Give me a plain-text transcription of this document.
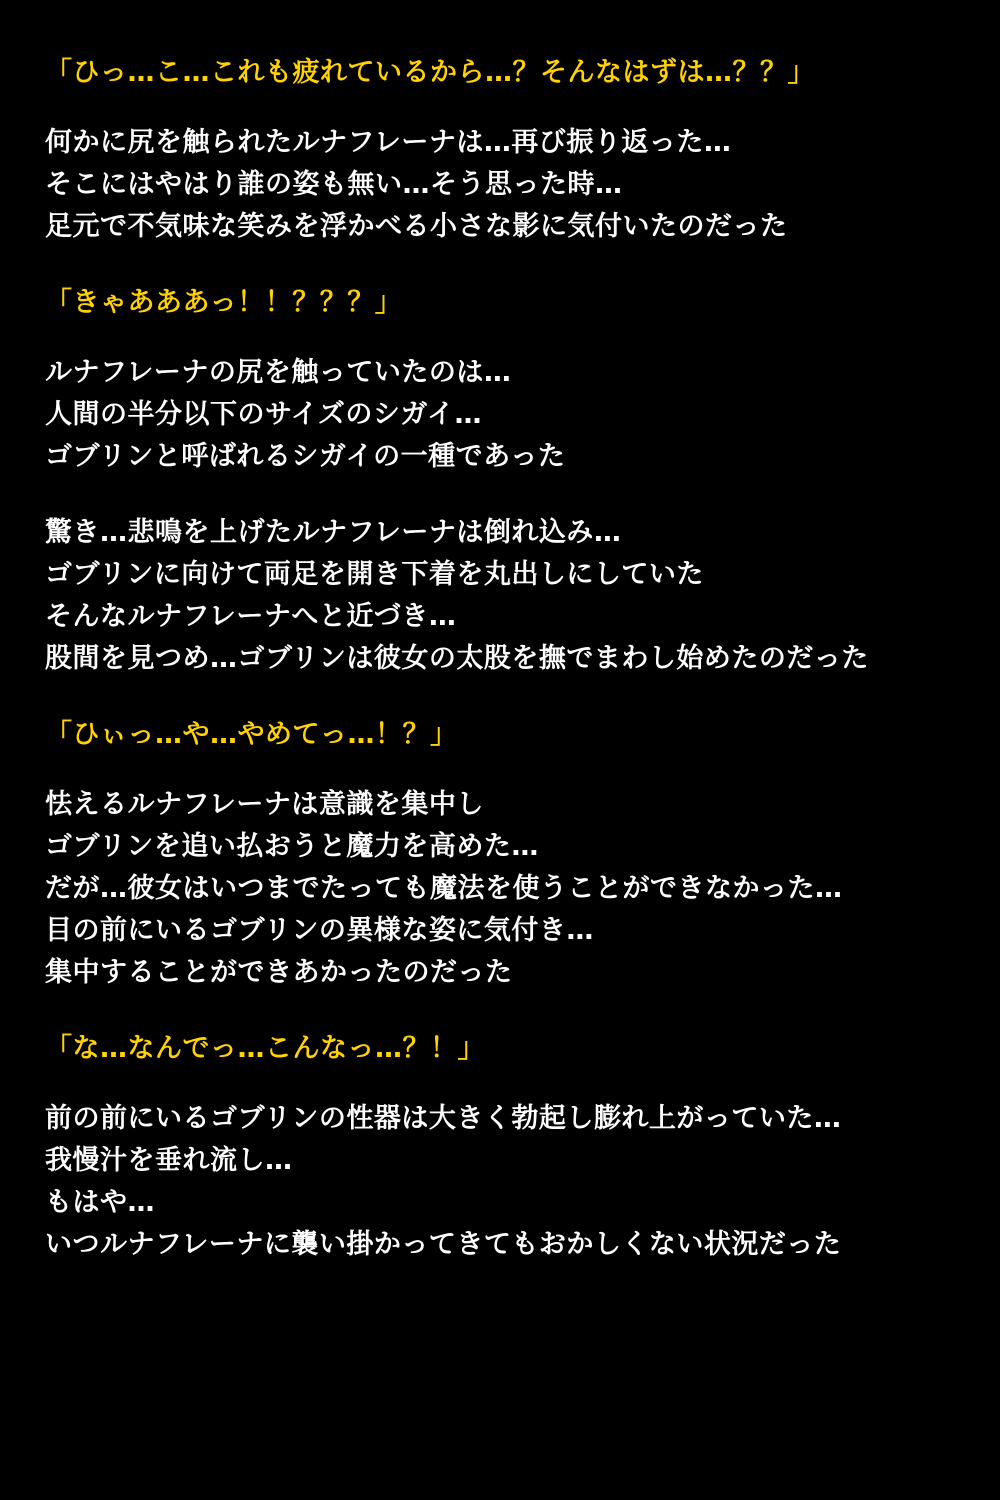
「ひっ…こ…これも疲れているから…？そんなはずは…？？」
何かに尻を触られたルナフレーナは…再び振り返った…
そこにはやはり誰の姿も無い…そう思った時…
足元で不気味な笑みを浮かべる小さな影に気付いたのだった
「きゃあああっ！！？？？」
ルナフレーナの尻を触っていたのは…
人間の半分以下のサイズのシガイ…
ゴブリンと呼ばれるシガイの一種であった
驚き…悲鳴を上げたルナフレーナは倒れ込み…
ゴブリンに向けて両足を開き下着を丸出しにしていた
そんなルナフレーナへと近づき…
股間を見つめ…ゴブリンは彼女の太股を撫でまわし始めたのだった
「ひぃっ…や…やめてっ…！？」
怯えるルナフレーナは意識を集中し
ゴブリンを追い払おうと魔力を高めた…
だが…彼女はいつまでたっても魔法を使うことができなかった…
目の前にいるゴブリンの異様な姿に気付き…
集中することができあかったのだった
「な…なんでっ…こんなっ…？！」
前の前にいるゴブリンの性器は大きく勃起し膨れ上がっていた…
我慢汁を垂れ流し…
もはや…
いつルナフレーナに襲い掛かってきてもおかしくない状況だった
